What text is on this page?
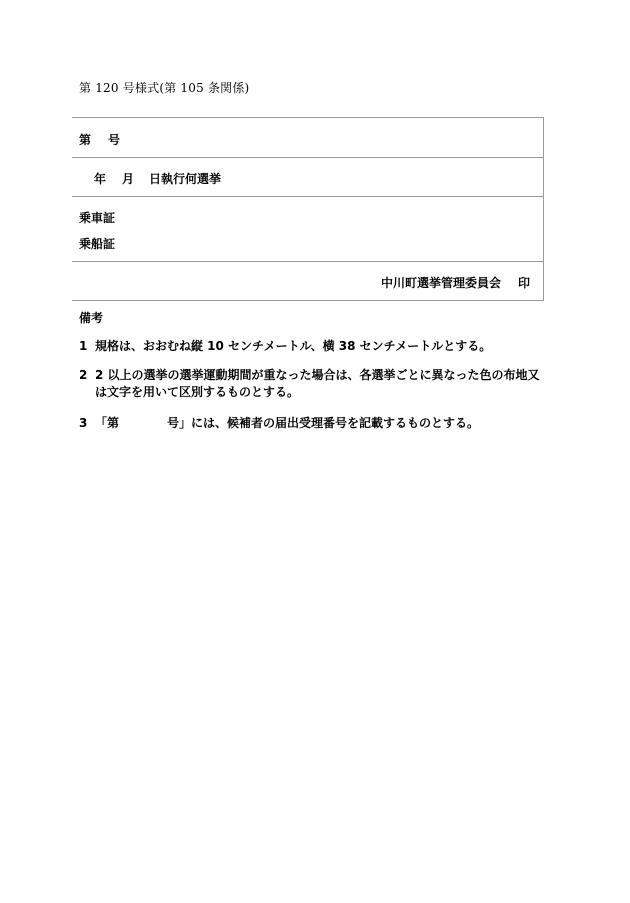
第 120 号様式(第 105 条関係)
第 号
年 月 日執行何選挙
乗車証
乗船証
中川町選挙管理委員会 印
備考
1 規格は、おおむね縦 10 センチメートル、横 38 センチメートルとする。
2 2 以上の選挙の選挙運動期間が重なった場合は、各選挙ごとに異なった色の布地又は文字を用いて区別するものとする。
3 「第　　　　号」には、候補者の届出受理番号を記載するものとする。
